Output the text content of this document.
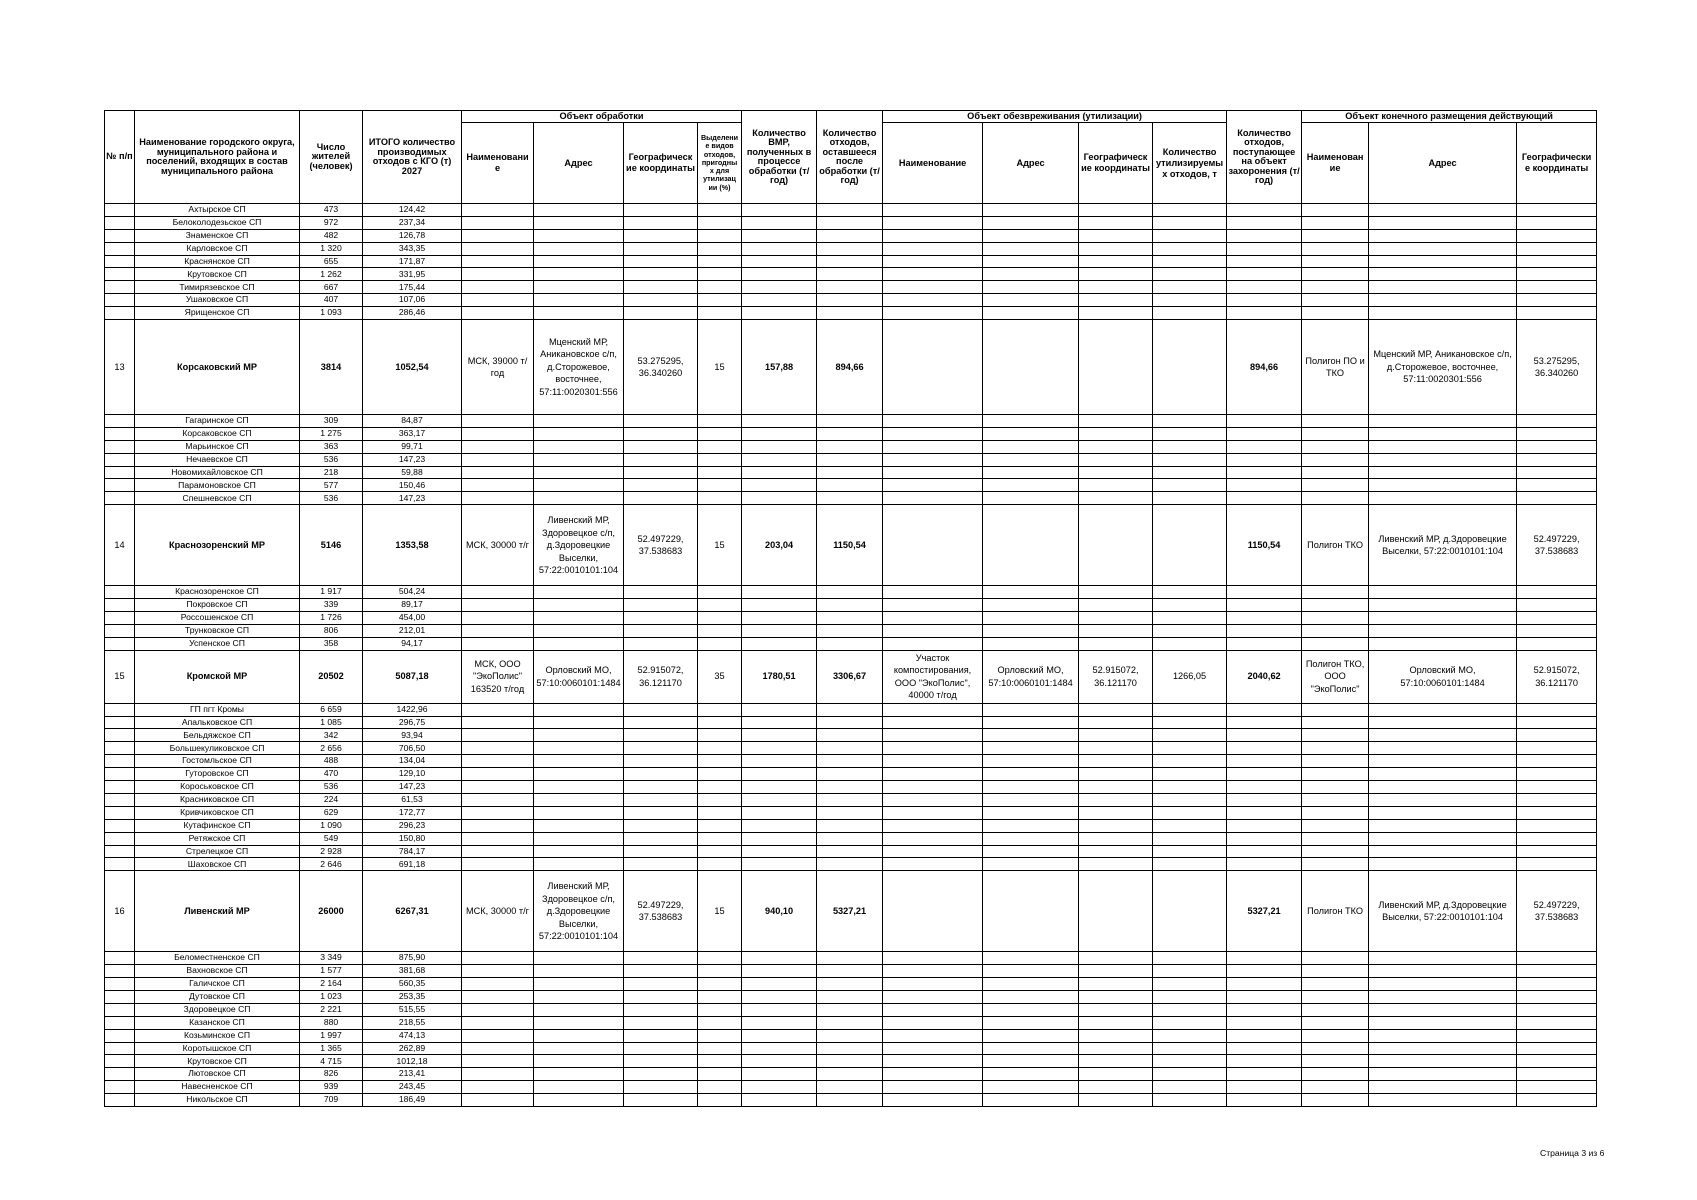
№ п/п	Наименование городского округа, муниципального района и поселений, входящих в состав муниципального района	Число жителей (человек)	ИТОГО количество производимых отходов с КГО (т) 2027	Объект обработки				Количество ВМР, полученных в процессе обработки (т/год)	Количество отходов, оставшееся после обработки (т/год)	Объект обезвреживания (утилизации)				Количество отходов, поступающее на объект захоронения (т/год)	Объект конечного размещения действующий		
				Наименовани е	Адрес	Географическ ие координаты	Выделени е видов отходов, пригодны х для утилизац ии (%)			Наименование	Адрес	Географическ ие координаты	Количество утилизируемы х отходов, т		Наименован ие	Адрес	Географически е координаты
	Ахтырское СП	473	124,42														
	Белоколодезьское СП	972	237,34														
	Знаменское СП	482	126,78														
	Карловское СП	1 320	343,35														
	Краснянское СП	655	171,87														
	Крутовское СП	1 262	331,95														
	Тимирязевское СП	667	175,44														
	Ушаковское СП	407	107,06														
	Ярищенское СП	1 093	286,46														
13	Корсаковский МР	3814	1052,54	МСК, 39000 т/год	Мценский МР, Аникановское с/п, д.Сторожевое, восточнее, 57:11:0020301:556	53.275295, 36.340260	15	157,88	894,66					894,66	Полигон ПО и ТКО	Мценский МР, Аникановское с/п, д.Сторожевое, восточнее, 57:11:0020301:556	53.275295, 36.340260
	Гагаринское СП	309	84,87														
	Корсаковское СП	1 275	363,17														
	Марьинское СП	363	99,71														
	Нечаевское СП	536	147,23														
	Новомихайловское СП	218	59,88														
	Парамоновское СП	577	150,46														
	Спешневское СП	536	147,23														
14	Краснозоренский МР	5146	1353,58	МСК, 30000 т/г	Ливенский МР, Здоровецкое с/п, д.Здоровецкие Выселки, 57:22:0010101:104	52.497229, 37.538683	15	203,04	1150,54					1150,54	Полигон ТКО	Ливенский МР, д.Здоровецкие Выселки, 57:22:0010101:104	52.497229, 37.538683
	Краснозоренское СП	1 917	504,24														
	Покровское СП	339	89,17														
	Россошенское СП	1 726	454,00														
	Трунковское СП	806	212,01														
	Успенское СП	358	94,17														
15	Кромской МР	20502	5087,18	МСК, ООО "ЭкоПолис" 163520 т/год	Орловский МО, 57:10:0060101:1484	52.915072, 36.121170	35	1780,51	3306,67	Участок компостирования, ООО "ЭкоПолис", 40000 т/год	Орловский МО, 57:10:0060101:1484	52.915072, 36.121170	1266,05	2040,62	Полигон ТКО, ООО "ЭкоПолис"	Орловский МО, 57:10:0060101:1484	52.915072, 36.121170
	ГП пгт Кромы	6 659	1422,96														
	Апальковское СП	1 085	296,75														
	Бельдяжское СП	342	93,94														
	Большекуликовское СП	2 656	706,50														
	Гостомльское СП	488	134,04														
	Гуторовское СП	470	129,10														
	Короськовское СП	536	147,23														
	Красниковское СП	224	61,53														
	Кривчиковское СП	629	172,77														
	Кутафинское СП	1 090	296,23														
	Ретяжское СП	549	150,80														
	Стрелецкое СП	2 928	784,17														
	Шаховское СП	2 646	691,18														
16	Ливенский МР	26000	6267,31	МСК, 30000 т/г	Ливенский МР, Здоровецкое с/п, д.Здоровецкие Выселки, 57:22:0010101:104	52.497229, 37.538683	15	940,10	5327,21					5327,21	Полигон ТКО	Ливенский МР, д.Здоровецкие Выселки, 57:22:0010101:104	52.497229, 37.538683
	Беломестненское СП	3 349	875,90														
	Вахновское СП	1 577	381,68														
	Галичское СП	2 164	560,35														
	Дутовское СП	1 023	253,35														
	Здоровецкое СП	2 221	515,55														
	Казанское СП	880	218,55														
	Козьминское СП	1 997	474,13														
	Коротышское СП	1 365	262,89														
	Крутовское СП	4 715	1012,18														
	Лютовское СП	826	213,41														
	Навесненское СП	939	243,45														
	Никольское СП	709	186,49														
Страница 3 из 6
